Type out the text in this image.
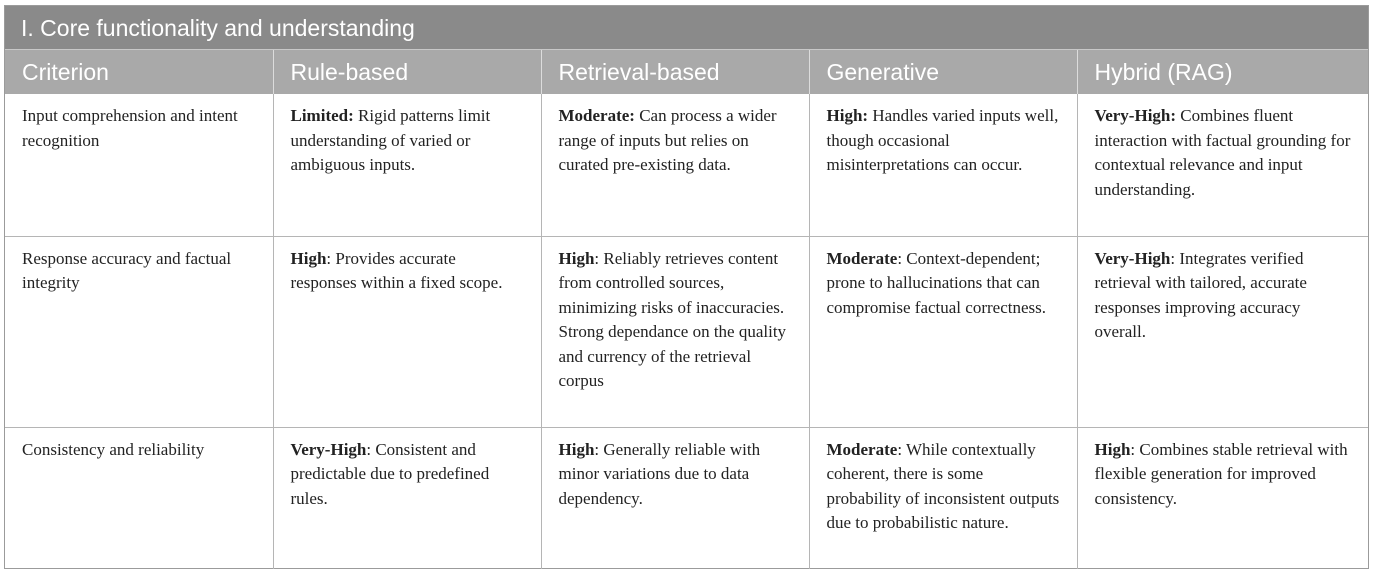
I. Core functionality and understanding
Criterion	Rule-based	Retrieval-based	Generative	Hybrid (RAG)
Input comprehension and intent recognition	Limited: Rigid patterns limit understanding of varied or ambiguous inputs.	Moderate: Can process a wider range of inputs but relies on curated pre-existing data.	High: Handles varied inputs well, though occasional misinterpretations can occur.	Very-High: Combines fluent interaction with factual grounding for contextual relevance and input understanding.
Response accuracy and factual integrity	High: Provides accurate responses within a fixed scope.	High: Reliably retrieves content from controlled sources, minimizing risks of inaccuracies. Strong dependance on the quality and currency of the retrieval corpus	Moderate: Context-dependent; prone to hallucinations that can compromise factual correctness.	Very-High: Integrates verified retrieval with tailored, accurate responses improving accuracy overall.
Consistency and reliability	Very-High: Consistent and predictable due to predefined rules.	High: Generally reliable with minor variations due to data dependency.	Moderate: While contextually coherent, there is some probability of inconsistent outputs due to probabilistic nature.	High: Combines stable retrieval with flexible generation for improved consistency.
